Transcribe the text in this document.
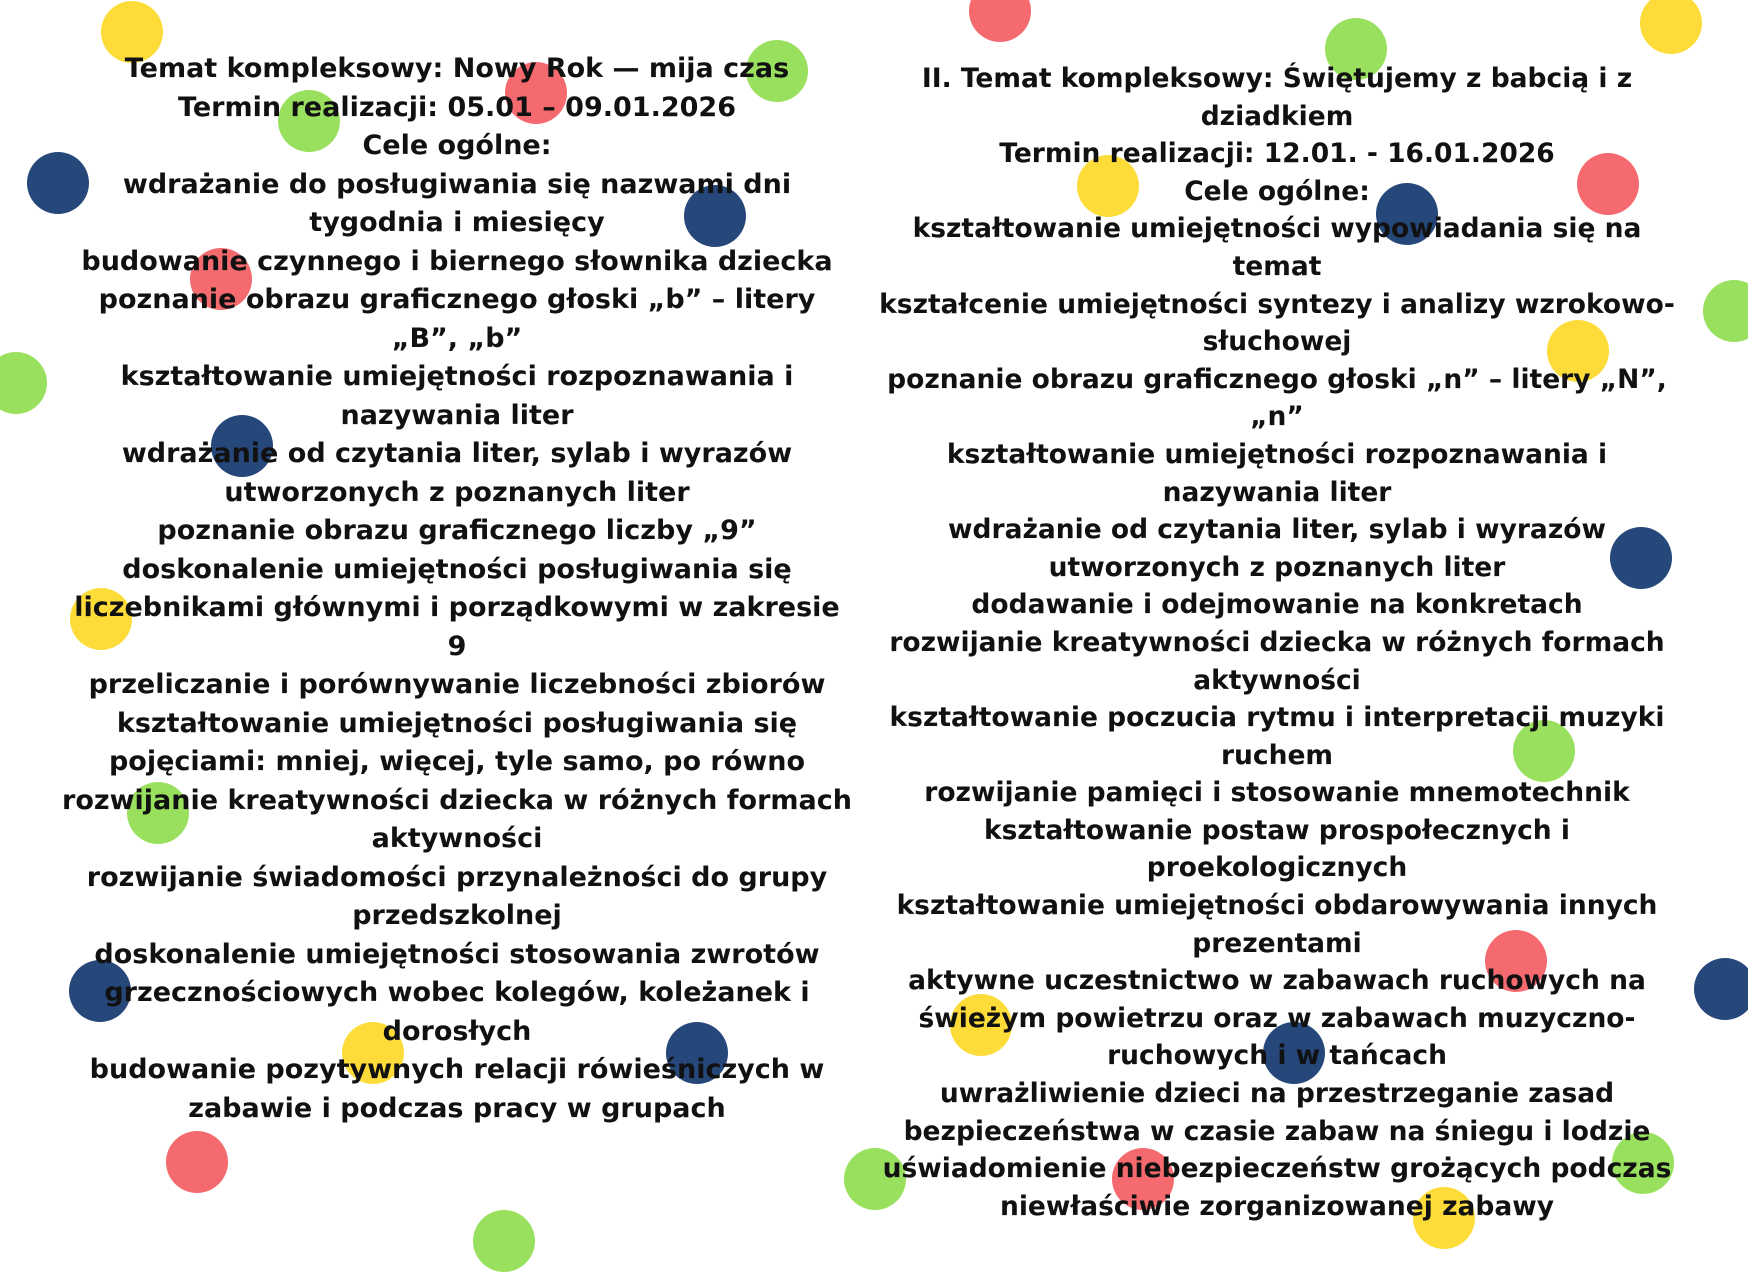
Temat kompleksowy: Nowy Rok — mija czas
Termin realizacji: 05.01 – 09.01.2026
Cele ogólne:
wdrażanie do posługiwania się nazwami dni tygodnia i miesięcy
budowanie czynnego i biernego słownika dziecka
poznanie obrazu graficznego głoski „b” – litery „B”, „b”
kształtowanie umiejętności rozpoznawania i nazywania liter
wdrażanie od czytania liter, sylab i wyrazów utworzonych z poznanych liter
poznanie obrazu graficznego liczby „9”
doskonalenie umiejętności posługiwania się liczebnikami głównymi i porządkowymi w zakresie 9
przeliczanie i porównywanie liczebności zbiorów
kształtowanie umiejętności posługiwania się pojęciami: mniej, więcej, tyle samo, po równo
rozwijanie kreatywności dziecka w różnych formach aktywności
rozwijanie świadomości przynależności do grupy przedszkolnej
doskonalenie umiejętności stosowania zwrotów grzecznościowych wobec kolegów, koleżanek i dorosłych
budowanie pozytywnych relacji rówieśniczych w zabawie i podczas pracy w grupach
II. Temat kompleksowy: Świętujemy z babcią i z dziadkiem
Termin realizacji: 12.01. - 16.01.2026
Cele ogólne:
kształtowanie umiejętności wypowiadania się na temat
kształcenie umiejętności syntezy i analizy wzrokowo-słuchowej
poznanie obrazu graficznego głoski „n” – litery „N”, „n”
kształtowanie umiejętności rozpoznawania i nazywania liter
wdrażanie od czytania liter, sylab i wyrazów utworzonych z poznanych liter
dodawanie i odejmowanie na konkretach
rozwijanie kreatywności dziecka w różnych formach aktywności
kształtowanie poczucia rytmu i interpretacji muzyki ruchem
rozwijanie pamięci i stosowanie mnemotechnik
kształtowanie postaw prospołecznych i proekologicznych
kształtowanie umiejętności obdarowywania innych prezentami
aktywne uczestnictwo w zabawach ruchowych na świeżym powietrzu oraz w zabawach muzyczno-ruchowych i w tańcach
uwrażliwienie dzieci na przestrzeganie zasad bezpieczeństwa w czasie zabaw na śniegu i lodzie
uświadomienie niebezpieczeństw grożących podczas niewłaściwie zorganizowanej zabawy
